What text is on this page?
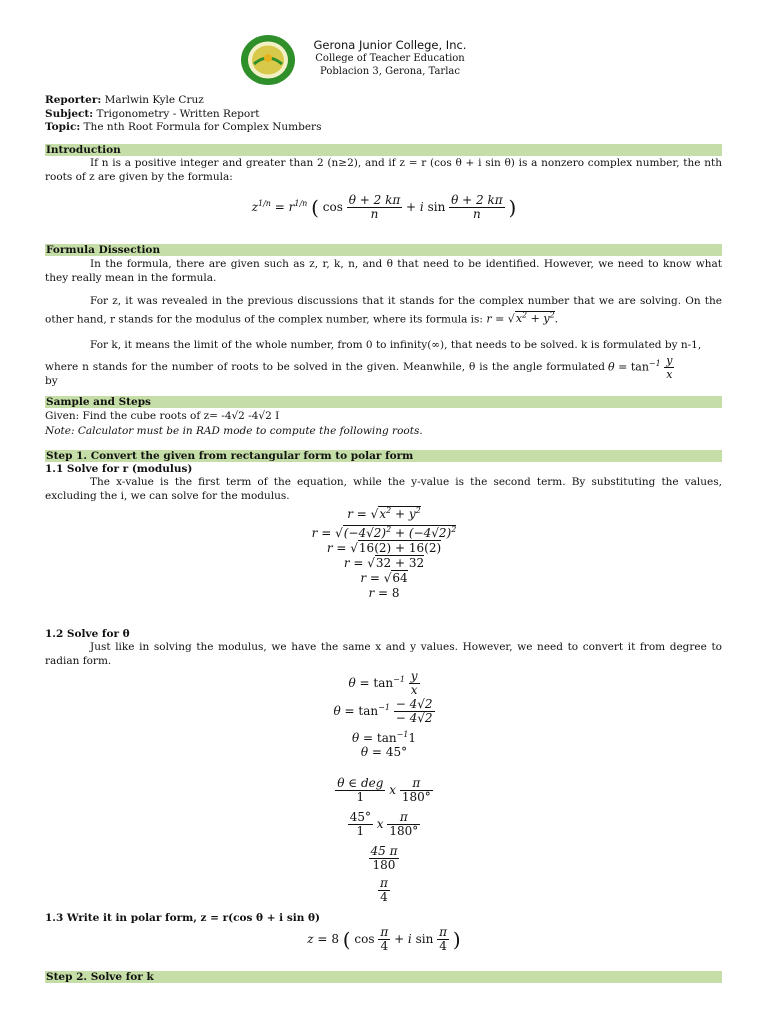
Gerona Junior College, Inc.
College of Teacher Education
Poblacion 3, Gerona, Tarlac
Reporter: Marlwin Kyle Cruz
Subject: Trigonometry - Written Report
Topic: The nth Root Formula for Complex Numbers
Introduction
If n is a positive integer and greater than 2 (n≥2), and if z = r (cos θ + i sin θ) is a nonzero complex number, the nth roots of z are given by the formula:
$z^{1/n} = r^{1/n}$ ( $\cos \frac{\theta + 2 k\pi}{n} + i$ $\sin \frac{\theta + 2 k\pi}{n}$ )
Formula Dissection
In the formula, there are given such as z, r, k, n, and θ that need to be identified. However, we need to know what they really mean in the formula.
For z, it was revealed in the previous discussions that it stands for the complex number that we are solving. On the other hand, r stands for the modulus of the complex number, where its formula is: $r = √x^2 + y^2$.
For k, it means the limit of the whole number, from 0 to infinity(∞), that needs to be solved. k is formulated by n-1,
where n stands for the number of roots to be solved in the given. Meanwhile, θ is the angle formulated by
$\theta = \tan^{-1} \frac{y}{x}$
Sample and Steps
Given: Find the cube roots of z= -4√2 -4√2 I
Note: Calculator must be in RAD mode to compute the following roots.
Step 1. Convert the given from rectangular form to polar form
1.1 Solve for r (modulus)
The x-value is the first term of the equation, while the y-value is the second term. By substituting the values, excluding the i, we can solve for the modulus.
$r = √x^2 + y^2$
$r = √(-4√2)^2 + (-4√2)^2$
r = √16(2) + 16(2)
r = √32 + 32
r = √64
r = 8
1.2 Solve for θ
Just like in solving the modulus, we have the same x and y values. However, we need to convert it from degree to radian form.
$\theta = \tan^{-1} \frac{y}{x}$
$\theta = \tan^{-1} \frac{- 4√2}{- 4√2}$
$\theta = \tan^{-1}1$
θ = 45°
$\frac{\text{θ ∈ deg}}{1}$ x $\frac{\pi}{180^\circ}$
$\frac{45^\circ}{1}$ x $\frac{\pi}{180^\circ}$
$\frac{45 \pi}{180}$
$\frac{\pi}{4}$
1.3 Write it in polar form, z = r(cos θ + i sin θ)
z = 8 ( $\cos \frac{\pi}{4} + i$ $\sin \frac{\pi}{4}$ )
Step 2. Solve for k
